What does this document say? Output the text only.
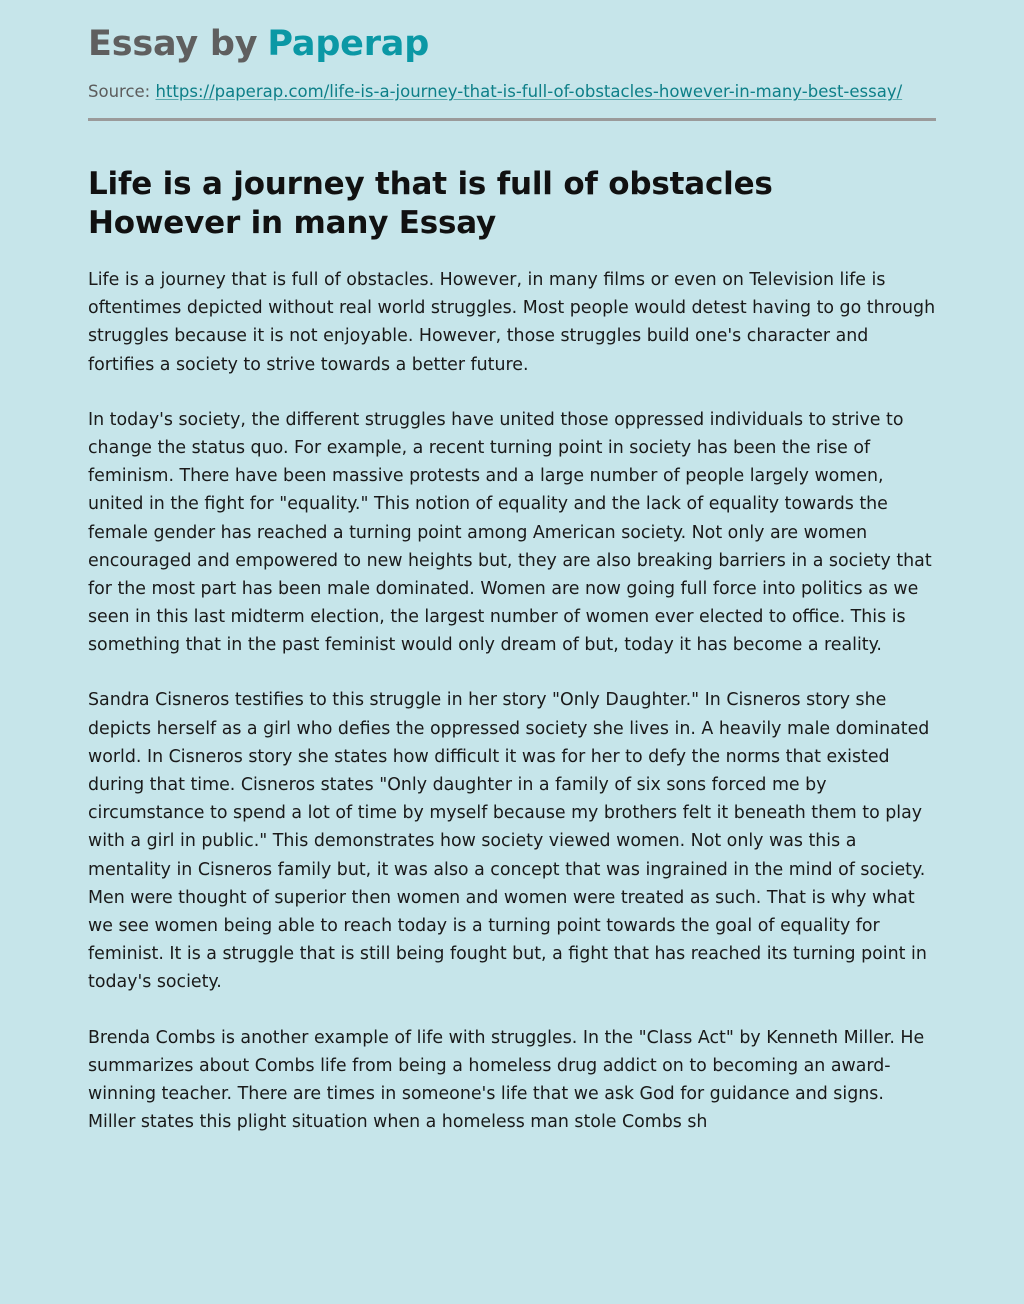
Essay by Paperap
Source: https://paperap.com/life-is-a-journey-that-is-full-of-obstacles-however-in-many-best-essay/
Life is a journey that is full of obstacles However in many Essay

Life is a journey that is full of obstacles. However, in many films or even on Television life is oftentimes depicted without real world struggles. Most people would detest having to go through struggles because it is not enjoyable. However, those struggles build one's character and fortifies a society to strive towards a better future.

In today's society, the different struggles have united those oppressed individuals to strive to change the status quo. For example, a recent turning point in society has been the rise of feminism. There have been massive protests and a large number of people largely women, united in the fight for "equality." This notion of equality and the lack of equality towards the female gender has reached a turning point among American society. Not only are women encouraged and empowered to new heights but, they are also breaking barriers in a society that for the most part has been male dominated. Women are now going full force into politics as we seen in this last midterm election, the largest number of women ever elected to office. This is something that in the past feminist would only dream of but, today it has become a reality.

Sandra Cisneros testifies to this struggle in her story "Only Daughter." In Cisneros story she depicts herself as a girl who defies the oppressed society she lives in. A heavily male dominated world. In Cisneros story she states how difficult it was for her to defy the norms that existed during that time. Cisneros states "Only daughter in a family of six sons forced me by circumstance to spend a lot of time by myself because my brothers felt it beneath them to play with a girl in public." This demonstrates how society viewed women. Not only was this a mentality in Cisneros family but, it was also a concept that was ingrained in the mind of society. Men were thought of superior then women and women were treated as such. That is why what we see women being able to reach today is a turning point towards the goal of equality for feminist. It is a struggle that is still being fought but, a fight that has reached its turning point in today's society.

Brenda Combs is another example of life with struggles. In the "Class Act" by Kenneth Miller. He summarizes about Combs life from being a homeless drug addict on to becoming an award-winning teacher. There are times in someone's life that we ask God for guidance and signs. Miller states this plight situation when a homeless man stole Combs sh
